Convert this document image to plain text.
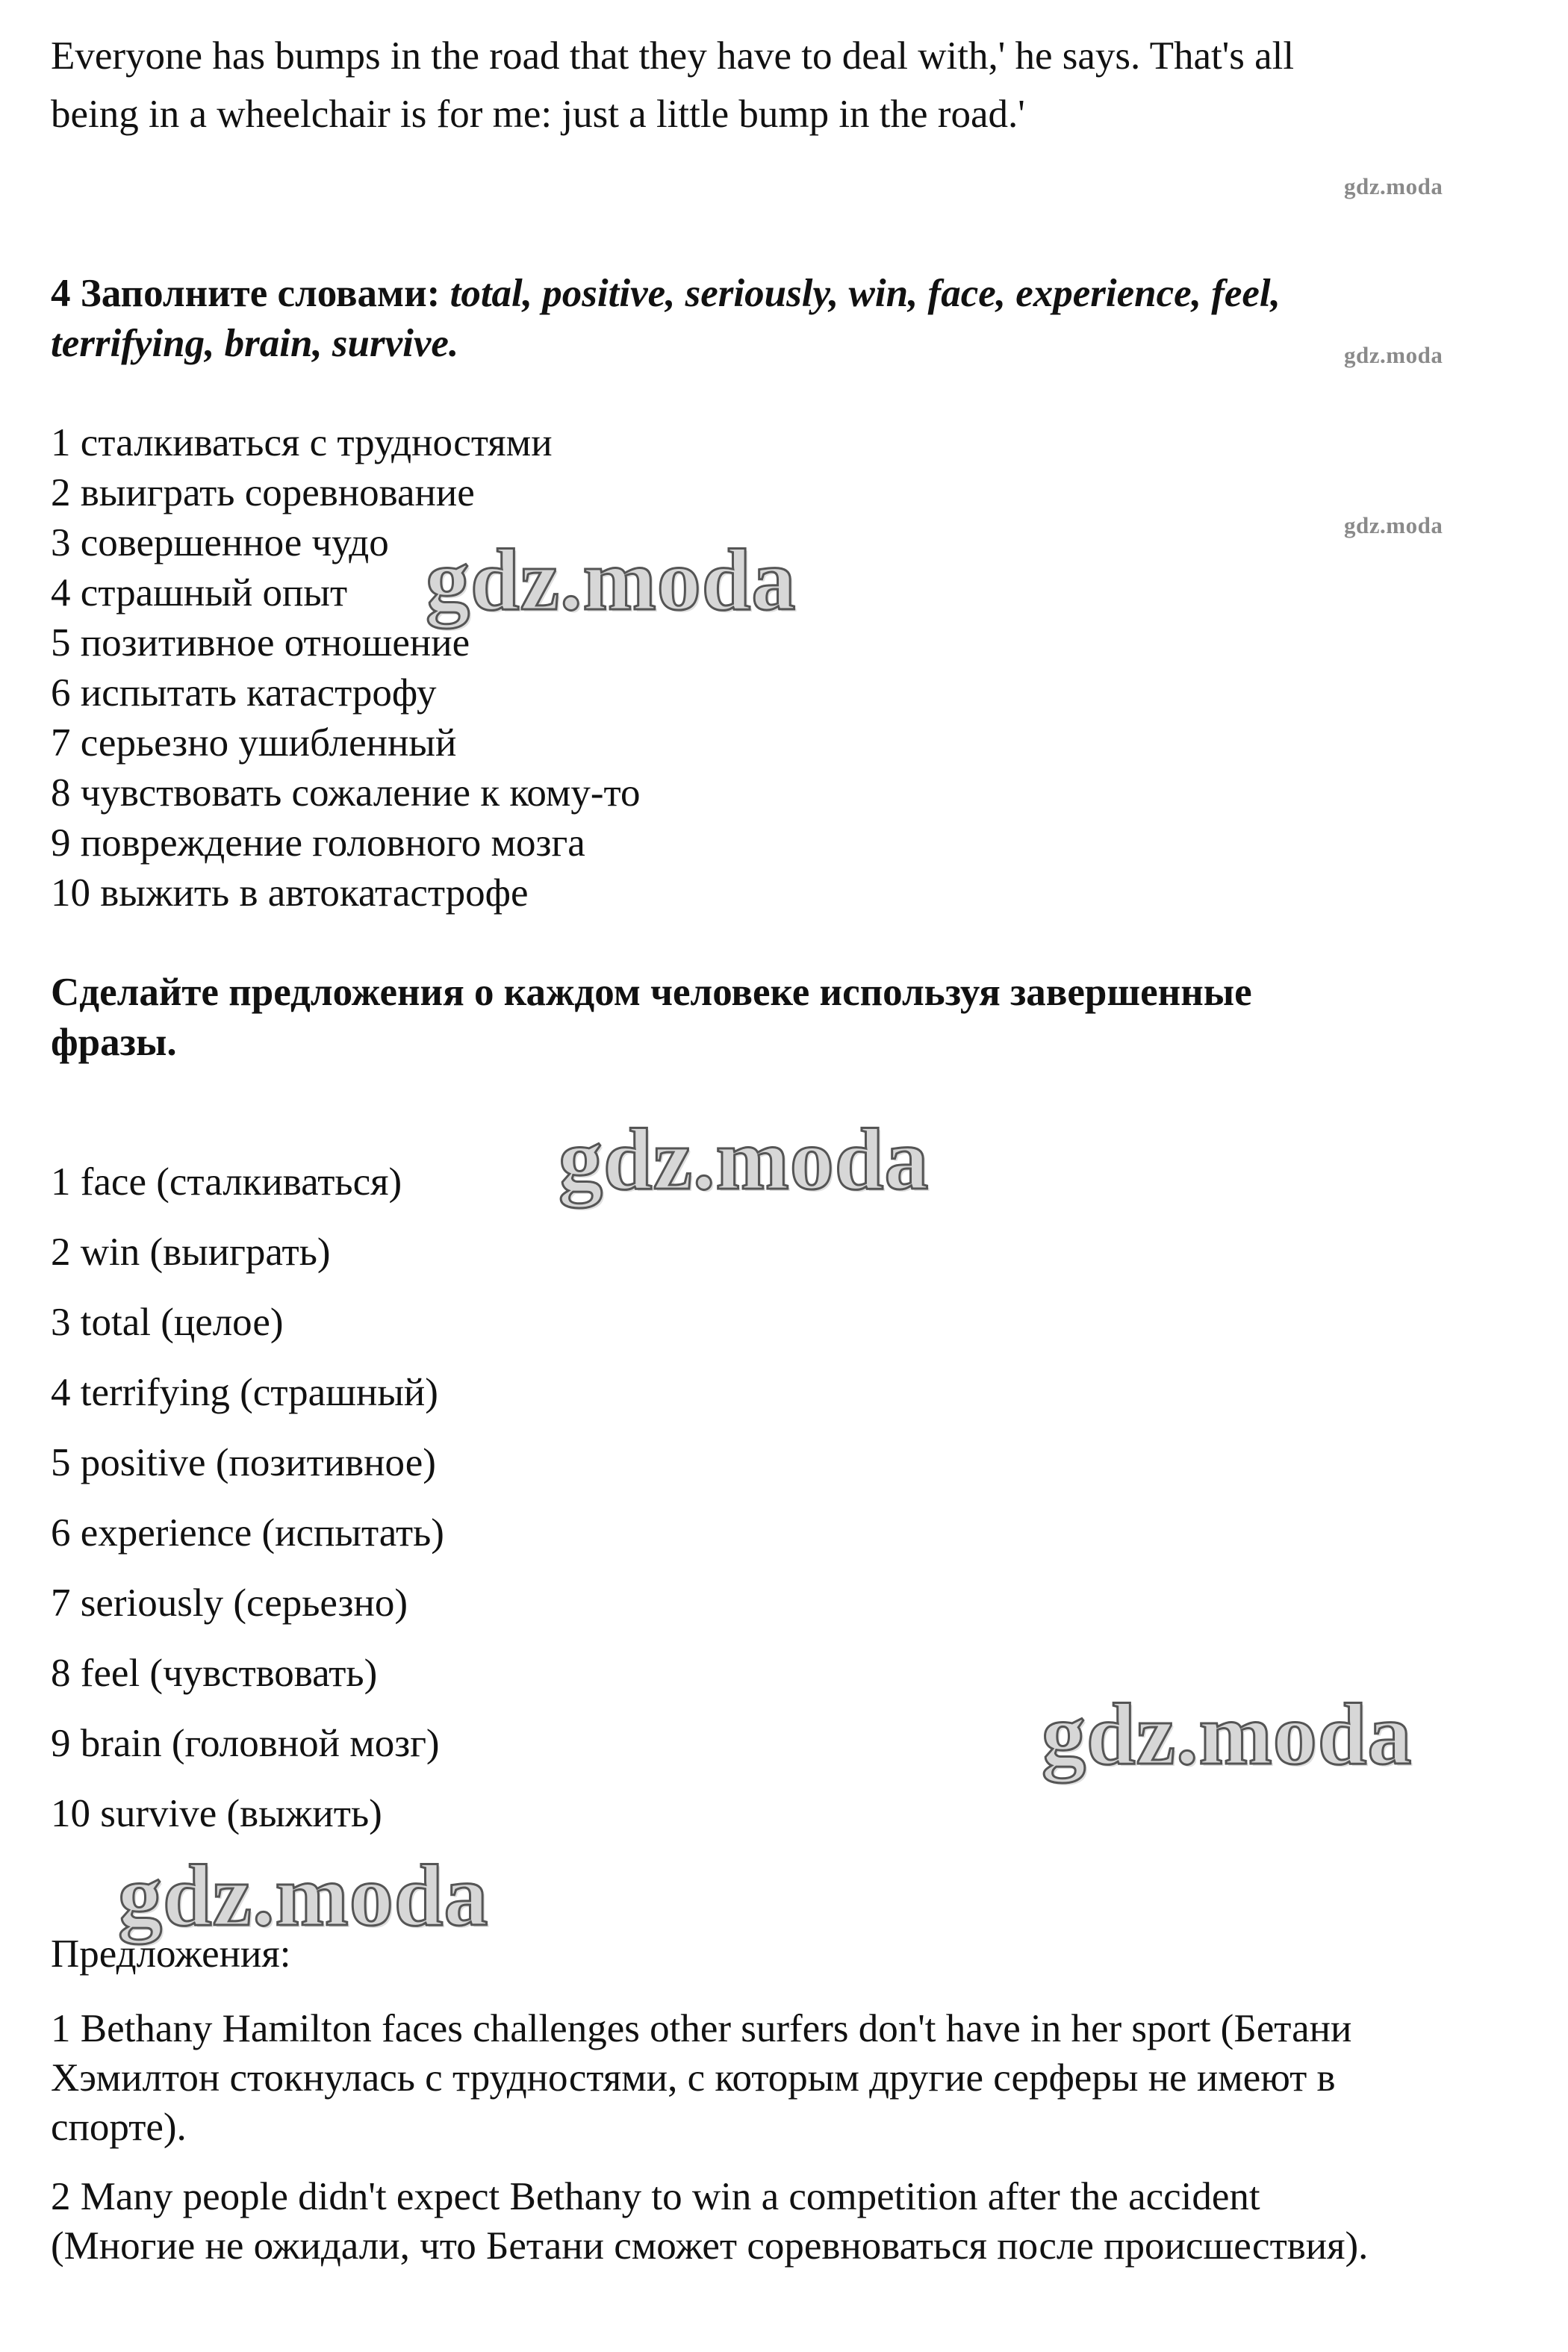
Everyone has bumps in the road that they have to deal with,' he says. That's all
being in a wheelchair is for me: just a little bump in the road.'
gdz.moda
gdz.moda
gdz.moda
4 Заполните словами: total, positive, seriously, win, face, experience, feel,
terrifying, brain, survive.
1 сталкиваться с трудностями
2 выиграть соревнование
3 совершенное чудо
4 страшный опыт
5 позитивное отношение
6 испытать катастрофу
7 серьезно ушибленный
8 чувствовать сожаление к кому-то
9 повреждение головного мозга
10 выжить в автокатастрофе
Сделайте предложения о каждом человеке используя завершенные
фразы.
1 face (сталкиваться)
2 win (выиграть)
3 total (целое)
4 terrifying (страшный)
5 positive (позитивное)
6 experience (испытать)
7 seriously (серьезно)
8 feel (чувствовать)
9 brain (головной мозг)
10 survive (выжить)
Предложения:
1 Bethany Hamilton faces challenges other surfers don't have in her sport (Бетани
Хэмилтон стокнулась с трудностями, с которым другие серферы не имеют в
спорте).
2 Many people didn't expect Bethany to win a competition after the accident
(Многие не ожидали, что Бетани сможет соревноваться после происшествия).
gdz.moda
gdz.moda
gdz.moda
gdz.moda
